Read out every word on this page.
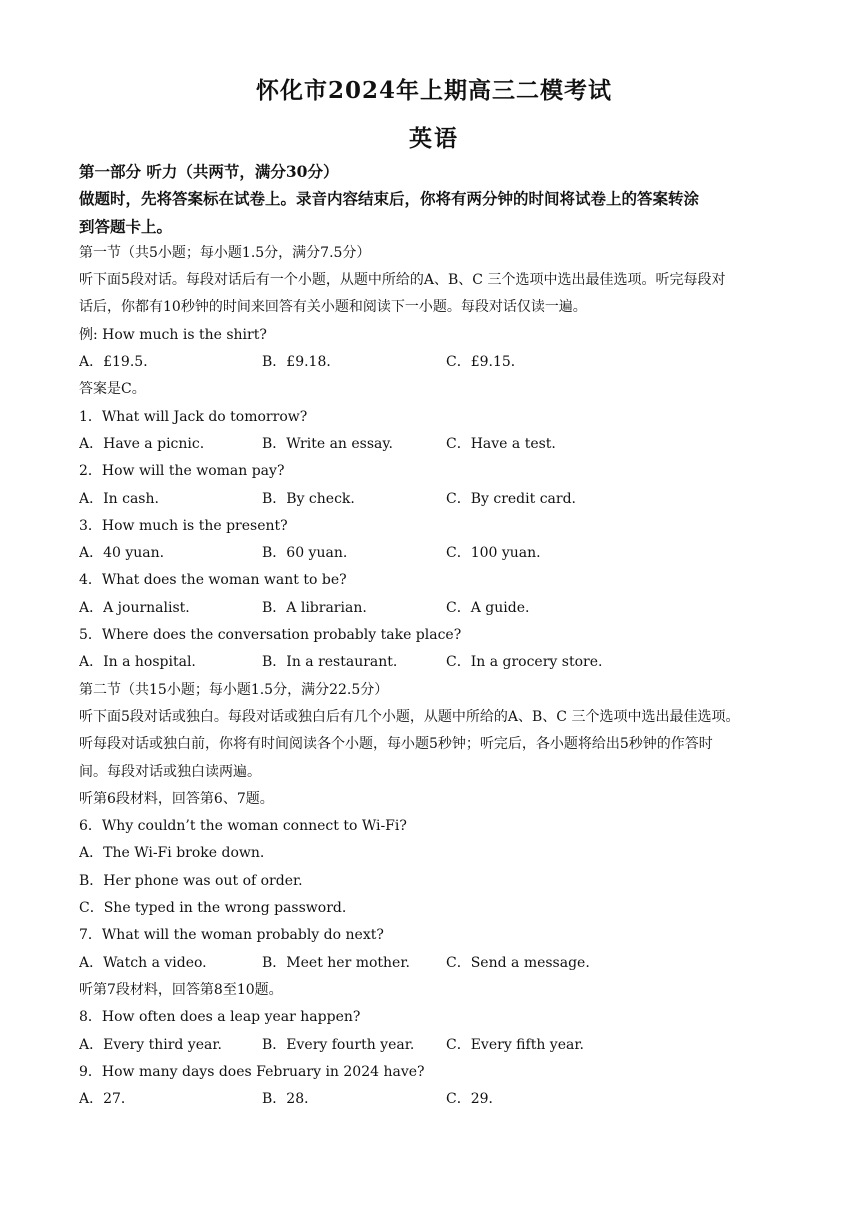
怀化市2024年上期高三二模考试
英语
第一部分 听力（共两节，满分30分）
做题时，先将答案标在试卷上。录音内容结束后，你将有两分钟的时间将试卷上的答案转涂
到答题卡上。
第一节（共5小题；每小题1.5分，满分7.5分）
听下面5段对话。每段对话后有一个小题，从题中所给的A、B、C 三个选项中选出最佳选项。听完每段对
话后，你都有10秒钟的时间来回答有关小题和阅读下一小题。每段对话仅读一遍。
例: How much is the shirt?
A．£19.5．	B．£9.18．	C．£9.15．
答案是C。
1．What will Jack do tomorrow?
A．Have a picnic.	B．Write an essay.	C．Have a test.
2．How will the woman pay?
A．In cash.	B．By check.	C．By credit card.
3．How much is the present?
A．40 yuan.	B．60 yuan.	C．100 yuan.
4．What does the woman want to be?
A．A journalist.	B．A librarian.	C．A guide.
5．Where does the conversation probably take place?
A．In a hospital.	B．In a restaurant.	C．In a grocery store.
第二节（共15小题；每小题1.5分，满分22.5分）
听下面5段对话或独白。每段对话或独白后有几个小题，从题中所给的A、B、C 三个选项中选出最佳选项。
听每段对话或独白前，你将有时间阅读各个小题，每小题5秒钟；听完后，各小题将给出5秒钟的作答时
间。每段对话或独白读两遍。
听第6段材料，回答第6、7题。
6．Why couldn’t the woman connect to Wi-Fi?
A．The Wi-Fi broke down.
B．Her phone was out of order.
C．She typed in the wrong password.
7．What will the woman probably do next?
A．Watch a video.	B．Meet her mother.	C．Send a message.
听第7段材料，回答第8至10题。
8．How often does a leap year happen?
A．Every third year.	B．Every fourth year.	C．Every fifth year.
9．How many days does February in 2024 have?
A．27．	B．28．	C．29．
